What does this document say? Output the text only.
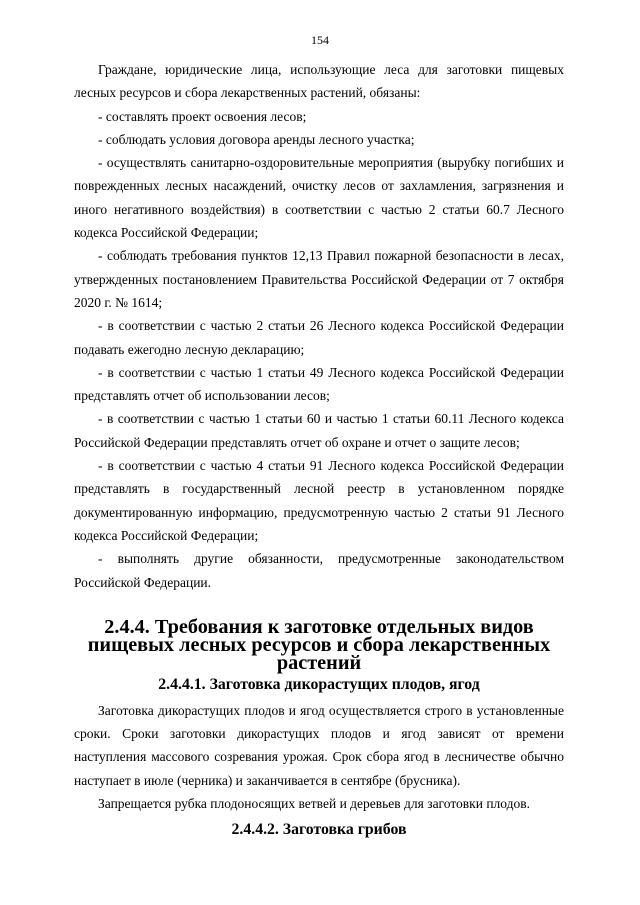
154

Граждане, юридические лица, использующие леса для заготовки пищевых лесных ресурсов и сбора лекарственных растений, обязаны:

- составлять проект освоения лесов;

- соблюдать условия договора аренды лесного участка;

- осуществлять санитарно-оздоровительные мероприятия (вырубку погибших и поврежденных лесных насаждений, очистку лесов от захламления, загрязнения и иного негативного воздействия) в соответствии с частью 2 статьи 60.7 Лесного кодекса Российской Федерации;

- соблюдать требования пунктов 12,13 Правил пожарной безопасности в лесах, утвержденных постановлением Правительства Российской Федерации от 7 октября 2020 г. № 1614;

- в соответствии с частью 2 статьи 26 Лесного кодекса Российской Федерации подавать ежегодно лесную декларацию;

- в соответствии с частью 1 статьи 49 Лесного кодекса Российской Федерации представлять отчет об использовании лесов;

- в соответствии с частью 1 статьи 60 и частью 1 статьи 60.11 Лесного кодекса Российской Федерации представлять отчет об охране и отчет о защите лесов;

- в соответствии с частью 4 статьи 91 Лесного кодекса Российской Федерации представлять в государственный лесной реестр в установленном порядке документированную информацию, предусмотренную частью 2 статьи 91 Лесного кодекса Российской Федерации;

- выполнять другие обязанности, предусмотренные законодательством Российской Федерации.

2.4.4. Требования к заготовке отдельных видов пищевых лесных ресурсов и сбора лекарственных растений
2.4.4.1. Заготовка дикорастущих плодов, ягод

Заготовка дикорастущих плодов и ягод осуществляется строго в установленные сроки. Сроки заготовки дикорастущих плодов и ягод зависят от времени наступления массового созревания урожая. Срок сбора ягод в лесничестве обычно наступает в июле (черника) и заканчивается в сентябре (брусника).

Запрещается рубка плодоносящих ветвей и деревьев для заготовки плодов.

2.4.4.2. Заготовка грибов
